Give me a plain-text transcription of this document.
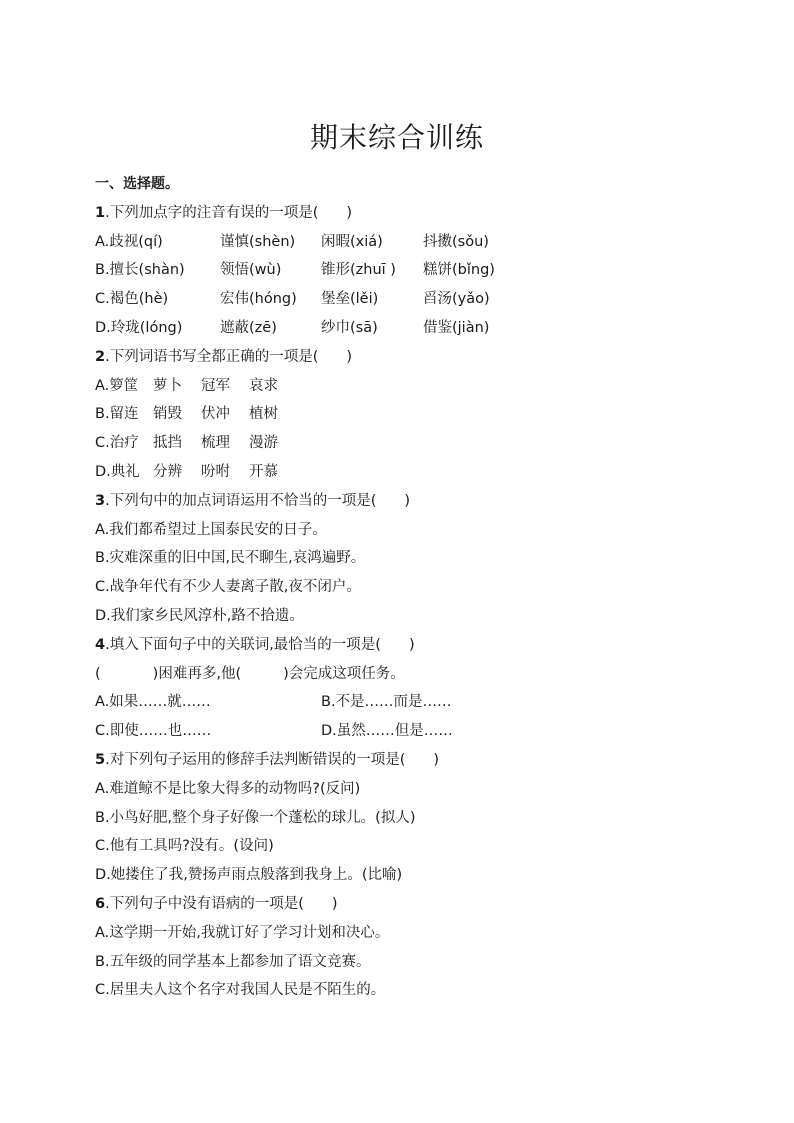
期末综合训练
一、选择题。
1.下列加点字的注音有误的一项是( )
A.歧视(qí)	谨慎(shèn) 闲暇(xiá)	抖擞(sǒu)
B.擅长(shàn) 领悟(wù)	锥形(zhuī ) 糕饼(bǐng)
C.褐色(hè)	宏伟(hóng) 堡垒(lěi)	舀汤(yǎo)
D.玲珑(lóng)	遮蔽(zē)	纱巾(sā)	借鉴(jiàn)
2.下列词语书写全都正确的一项是( )
A.箩筐 萝卜 冠军 哀求
B.留连 销毁 伏冲 植树
C.治疗 抵挡 梳理 漫游
D.典礼 分辨 吩咐 开慕
3.下列句中的加点词语运用不恰当的一项是( )
A.我们都希望过上国泰民安的日子。
B.灾难深重的旧中国,民不聊生,哀鸿遍野。
C.战争年代有不少人妻离子散,夜不闭户。
D.我们家乡民风淳朴,路不拾遗。
4.填入下面句子中的关联词,最恰当的一项是( )
(	)困难再多,他(	)会完成这项任务。
A.如果……就……	B.不是……而是……
C.即使……也……	D.虽然……但是……
5.对下列句子运用的修辞手法判断错误的一项是( )
A.难道鲸不是比象大得多的动物吗?(反问)
B.小鸟好肥,整个身子好像一个蓬松的球儿。(拟人)
C.他有工具吗?没有。(设问)
D.她搂住了我,赞扬声雨点般落到我身上。(比喻)
6.下列句子中没有语病的一项是( )
A.这学期一开始,我就订好了学习计划和决心。
B.五年级的同学基本上都参加了语文竞赛。
C.居里夫人这个名字对我国人民是不陌生的。
